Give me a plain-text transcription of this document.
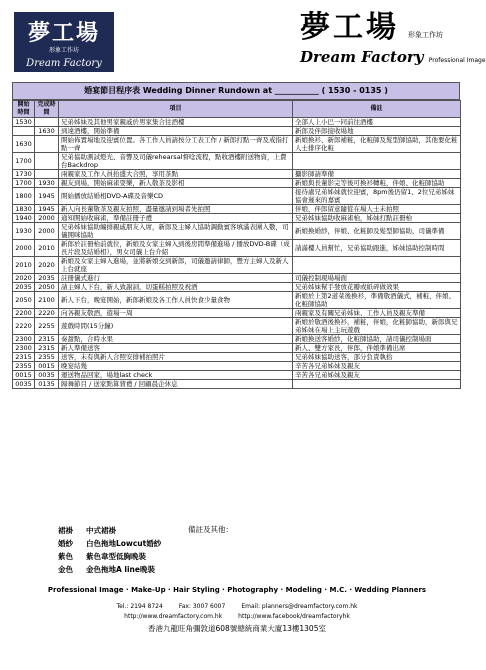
夢工場
形象工作坊
Dream Factory
夢工場	形象工作坊
Dream Factory Professional Image
婚宴節目程序表 Wedding Dinner Rundown at ___________ ( 1530 - 0135 )
開始時間	完成時間	項目	備註
1530		兄弟姊妹及其他男家親戚於男家集合往酒樓	全部人上小巴一同前往酒樓
	1630	到達酒樓，開始準備	新郎及伴郎接收場地
1630		開始佈置場地及迎賓位置。各工作人員請按分工表工作 / 新郎打點一齊及戒指打點一齊	新娘換衫、新郎補粧，化粧師及髮型師協助，其他要化粧人士排序化粧
1700		兄弟協助測試燈光、音響及司儀rehearsal督唸流程，點收酒樓附送物資，上費台Backdrop	
1730		兩親家及工作人員抬盛大合照，享用茶點	攝影師請準備
1700	1930	親友到場，開始麻雀耍樂，新人敬茶及影相	新娘與長輩影完等後可換衫轉粧，伴娘、化粧師協助
1800	1945	開始播放結婚相DVD-A碟及音樂CD	接待處兄弟姊妹就位迎賓，8pm後仍留1、2位兄弟姊妹協會遲來的嘉賓
1830	1945	新人向長輩敬茶及親友拍照，盡量邀請到場者先拍照	伴娘，伴郎留意隨從在場人士未拍照
1940	2000	通知開始收麻雀，準備註冊子禮	兄弟姊妹協助收麻雀枱，姊妹打點註冊枱
1930	2000	兄弟姊妹協助編排親戚朋友入席，新郎及主婦人協助調動賓客填滿表圍入數，司儀開咪協助	新娘換婚紗，伴娘、化粧師及髮型師協助，司儀準備
2000	2010	新郎於註冊枱前就位，新娘及女家主婦入到後房間準備進場 / 播放DVD-B碟（成長片段及結婚相），男女司儀上台介紹	請滿樓人員幫忙，兄弟協助跟進，姊妹協助控制時間
2010	2020	新娘及女家主婦入進場，並將新娘交到新郎，司儀邀請律師，豐方主婦人及新人上台就座	
2020	2035	註冊儀式進行	司儀控制現場場面
2035	2050	請主婦人下台，新人致謝詞，切蛋糕拍照及祝酒	兄弟姊妹幫手發放花瓣或紙碎做效果
2050	2100	新人下台，晚宴開始，新郎新娘及各工作人員快食少量食物	新娘於上第2道菜後換衫，準備敬酒儀式，補粧，伴娘、化粧師協助
2200	2220	向各親友敬酒，遊場一周	兩親家及有關兄弟姊妹、工作人員及親友準備
2220	2255	遊戲時間(15分鐘)	新娘於敬酒後換衫，補粧，伴娘，化粧師協助，新郎與兄弟姊妹在場上主玩遊戲
2300	2315	奏甜點，合時水果	新娘換送客婚紗，化粧師協助，請司儀控制場面
2300	2315	新人準備送客	新人、雙方家長，伴郎，伴娘準備出席
2315	2355	送客，未有與新人合照安排補拍照片	兄弟姊妹協助送客，部分負責執拾
2355	0015	晚宴結幾	辛苦各兄弟姊妹及親友
0015	0035	運送物品回家，場地last check	辛苦各兄弟姊妹及親友
0035	0135	歸舞節目 / 送家點算賀禮 / 回顧晨企休息	
裙褂 中式裙褂
婚紗 白色拖地Lowcut婚紗
紫色 紫色韋型低胸晚裝
金色 金色拖地A line晚裝
備註及其他：
Professional Image · Make-Up · Hair Styling · Photography · Modeling · M.C. · Wedding Planners
Tel.: 2194 8724	Fax: 3007 6007	Email: planners@dreamfactory.com.hk
http://www.dreamfactory.com.hk	http://www.facebook/dreamfactoryhk
香港九龍旺角彌敦道608號總統商業大廈13樓1305室
